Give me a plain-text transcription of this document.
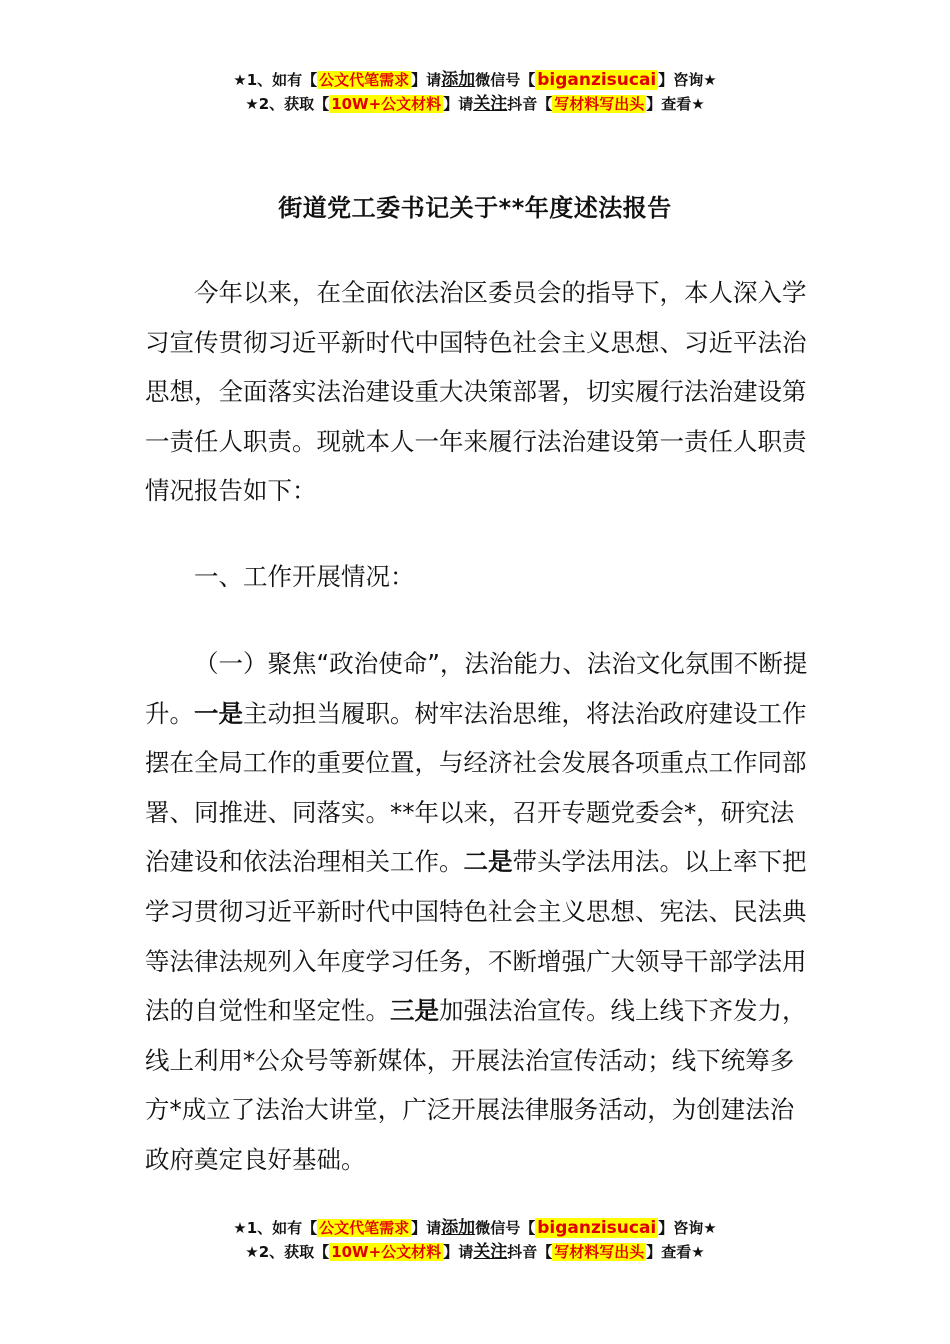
★1、如有【 公文代笔需求 】请添加微信号【 biganzisucai 】咨询★
★2、获取【 10W+公文材料 】请关注抖音【 写材料写出头 】查看★
街道党工委书记关于**年度述法报告

今年以来，在全面依法治区委员会的指导下，本人深入学习宣传贯彻习近平新时代中国特色社会主义思想、习近平法治思想，全面落实法治建设重大决策部署，切实履行法治建设第一责任人职责。现就本人一年来履行法治建设第一责任人职责情况报告如下：

一、工作开展情况：

（一）聚焦“政治使命”，法治能力、法治文化氛围不断提升。一是主动担当履职。树牢法治思维，将法治政府建设工作摆在全局工作的重要位置，与经济社会发展各项重点工作同部署、同推进、同落实。**年以来，召开专题党委会*，研究法治建设和依法治理相关工作。二是带头学法用法。以上率下把学习贯彻习近平新时代中国特色社会主义思想、宪法、民法典等法律法规列入年度学习任务，不断增强广大领导干部学法用法的自觉性和坚定性。三是加强法治宣传。线上线下齐发力，线上利用*公众号等新媒体，开展法治宣传活动；线下统筹多方*成立了法治大讲堂，广泛开展法律服务活动，为创建法治政府奠定良好基础。

★1、如有【 公文代笔需求 】请添加微信号【 biganzisucai 】咨询★
★2、获取【 10W+公文材料 】请关注抖音【 写材料写出头 】查看★
